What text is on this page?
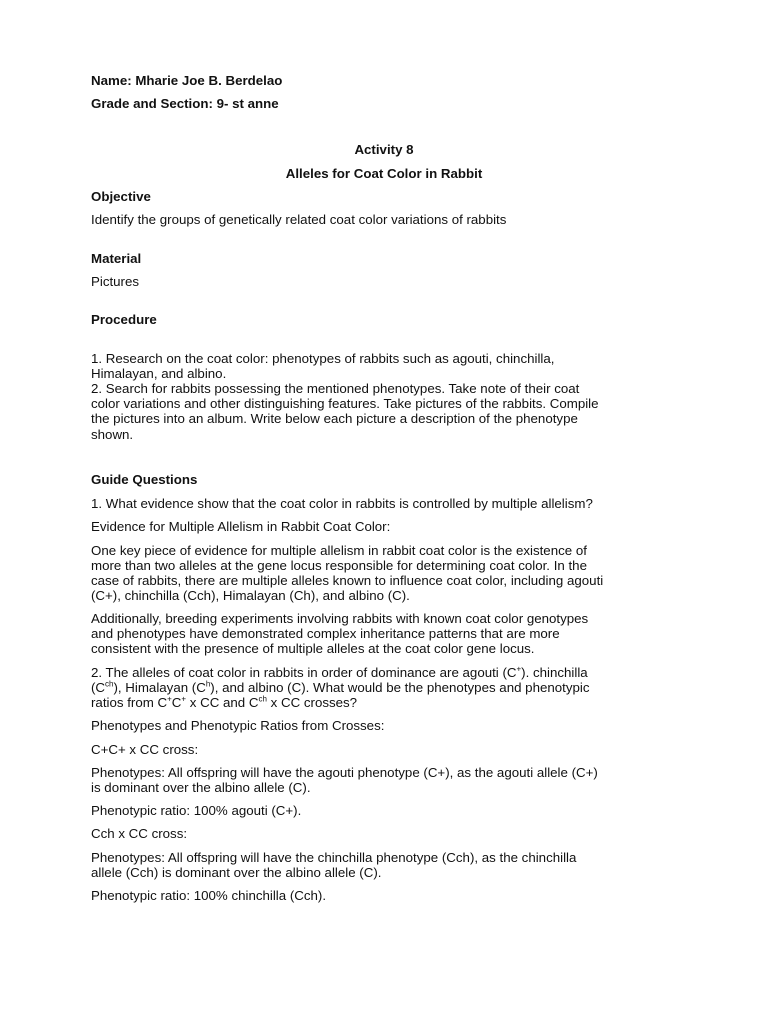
Name: Mharie Joe B. Berdelao
Grade and Section: 9- st anne
Activity 8
Alleles for Coat Color in Rabbit
Objective
Identify the groups of genetically related coat color variations of rabbits
Material
Pictures
Procedure
1. Research on the coat color: phenotypes of rabbits such as agouti, chinchilla,
Himalayan, and albino.
2. Search for rabbits possessing the mentioned phenotypes. Take note of their coat
color variations and other distinguishing features. Take pictures of the rabbits. Compile
the pictures into an album. Write below each picture a description of the phenotype
shown.
Guide Questions
1. What evidence show that the coat color in rabbits is controlled by multiple allelism?
Evidence for Multiple Allelism in Rabbit Coat Color:
One key piece of evidence for multiple allelism in rabbit coat color is the existence of
more than two alleles at the gene locus responsible for determining coat color. In the
case of rabbits, there are multiple alleles known to influence coat color, including agouti
(C+), chinchilla (Cch), Himalayan (Ch), and albino (C).
Additionally, breeding experiments involving rabbits with known coat color genotypes
and phenotypes have demonstrated complex inheritance patterns that are more
consistent with the presence of multiple alleles at the coat color gene locus.
2. The alleles of coat color in rabbits in order of dominance are agouti (C+). chinchilla
$(C^{ch})$, Himalayan $(C^h)$, and albino (C). What would be the phenotypes and phenotypic
ratios from C+C+ x CC and $C^{ch}$ x CC crosses?
Phenotypes and Phenotypic Ratios from Crosses:
C+C+ x CC cross:
Phenotypes: All offspring will have the agouti phenotype (C+), as the agouti allele (C+)
is dominant over the albino allele (C).
Phenotypic ratio: 100% agouti (C+).
Cch x CC cross:
Phenotypes: All offspring will have the chinchilla phenotype (Cch), as the chinchilla
allele (Cch) is dominant over the albino allele (C).
Phenotypic ratio: 100% chinchilla (Cch).
